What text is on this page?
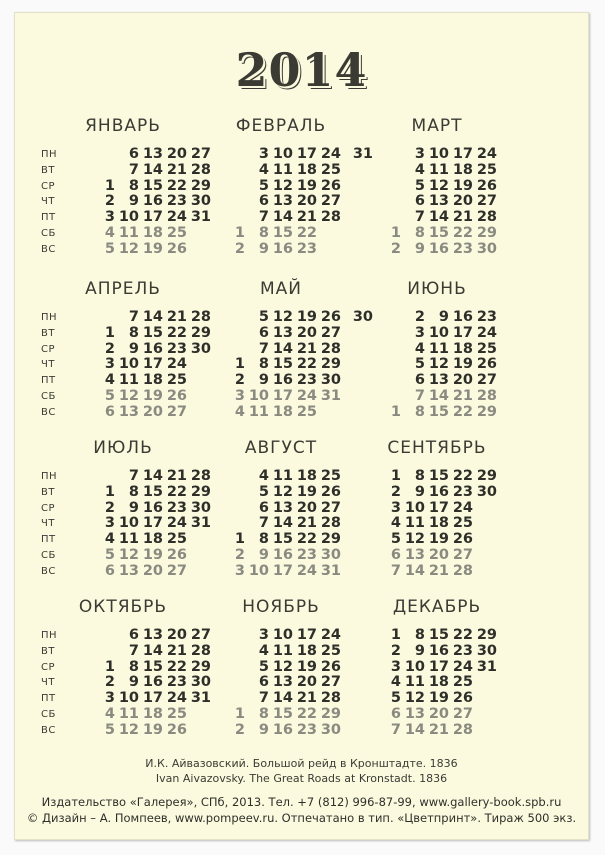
2014
ЯНВАРЬ
ПН
ВТ
СР
ЧТ
ПТ
СБ
ВС
1
2
3
4
5
6
7
8
9
10
11
12
13
14
15
16
17
18
19
20
21
22
23
24
25
26
27
28
29
30
31
ФЕВРАЛЬ
1
2
3
4
5
6
7
8
9
10
11
12
13
14
15
16
17
18
19
20
21
22
23
24
25
26
27
28
МАРТ
1
2
3
4
5
6
7
8
9
10
11
12
13
14
15
16
17
18
19
20
21
22
23
24
25
26
27
28
29
30
31
АПРЕЛЬ
ПН
ВТ
СР
ЧТ
ПТ
СБ
ВС
1
2
3
4
5
6
7
8
9
10
11
12
13
14
15
16
17
18
19
20
21
22
23
24
25
26
27
28
29
30
МАЙ
1
2
3
4
5
6
7
8
9
10
11
12
13
14
15
16
17
18
19
20
21
22
23
24
25
26
27
28
29
30
31
ИЮНЬ
1
2
3
4
5
6
7
8
9
10
11
12
13
14
15
16
17
18
19
20
21
22
23
24
25
26
27
28
29
30
ИЮЛЬ
ПН
ВТ
СР
ЧТ
ПТ
СБ
ВС
1
2
3
4
5
6
7
8
9
10
11
12
13
14
15
16
17
18
19
20
21
22
23
24
25
26
27
28
29
30
31
АВГУСТ
1
2
3
4
5
6
7
8
9
10
11
12
13
14
15
16
17
18
19
20
21
22
23
24
25
26
27
28
29
30
31
СЕНТЯБРЬ
1
2
3
4
5
6
7
8
9
10
11
12
13
14
15
16
17
18
19
20
21
22
23
24
25
26
27
28
29
30
ОКТЯБРЬ
ПН
ВТ
СР
ЧТ
ПТ
СБ
ВС
1
2
3
4
5
6
7
8
9
10
11
12
13
14
15
16
17
18
19
20
21
22
23
24
25
26
27
28
29
30
31
НОЯБРЬ
1
2
3
4
5
6
7
8
9
10
11
12
13
14
15
16
17
18
19
20
21
22
23
24
25
26
27
28
29
30
ДЕКАБРЬ
1
2
3
4
5
6
7
8
9
10
11
12
13
14
15
16
17
18
19
20
21
22
23
24
25
26
27
28
29
30
31
И.К. Айвазовский. Большой рейд в Кронштадте. 1836
Ivan Aivazovsky. The Great Roads at Kronstadt. 1836
Издательство «Галерея», СПб, 2013. Тел. +7 (812) 996-87-99, www.gallery-book.spb.ru
© Дизайн – А. Помпеев, www.pompeev.ru. Отпечатано в тип. «Цветпринт». Тираж 500 экз.
